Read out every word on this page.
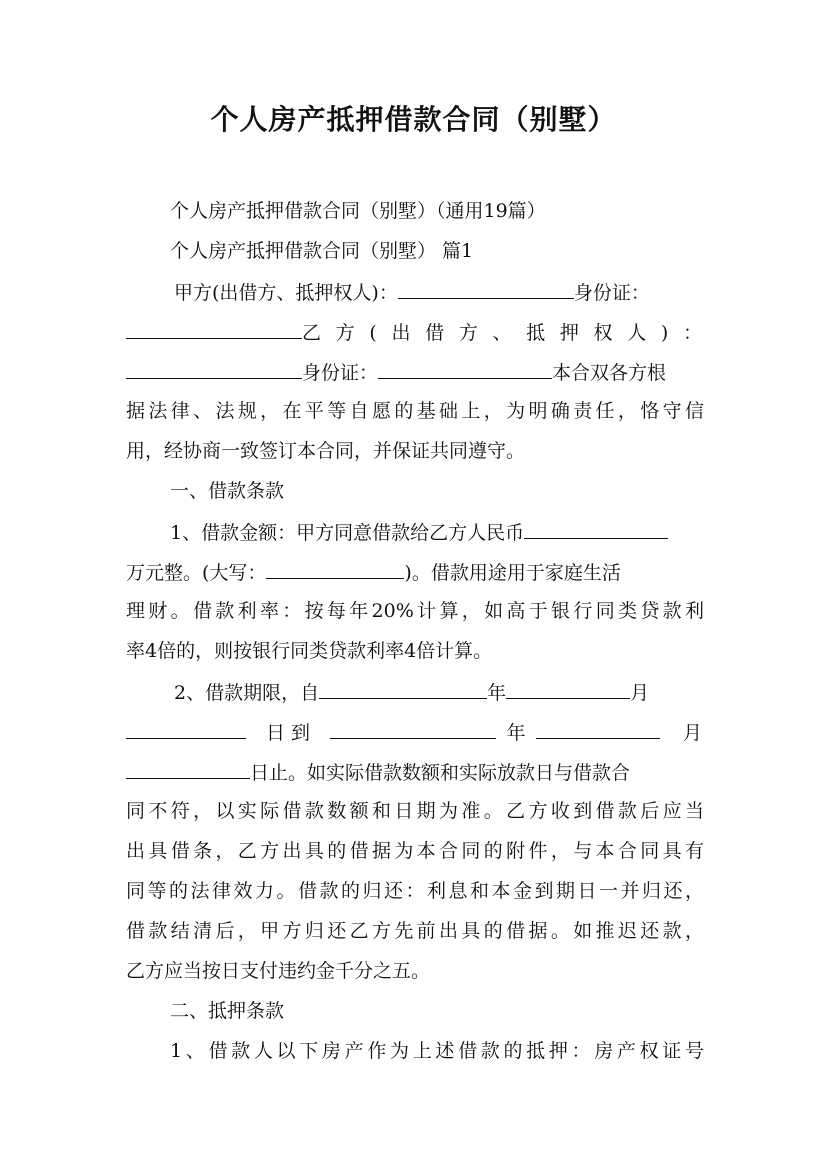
个人房产抵押借款合同（别墅）
个人房产抵押借款合同（别墅）（通用19篇）
个人房产抵押借款合同（别墅） 篇1
甲方(出借方、抵押权人)：	身份证：
乙方(出借方、抵押权人)：
身份证：	本合双各方根
据法律、法规，在平等自愿的基础上，为明确责任，恪守信
用，经协商一致签订本合同，并保证共同遵守。
一、借款条款
1、借款金额：甲方同意借款给乙方人民币
万元整。(大写：	)。借款用途用于家庭生活
理财。借款利率：按每年20%计算，如高于银行同类贷款利
率4倍的，则按银行同类贷款利率4倍计算。
2、借款期限，自	年	月
日 到	年	月
日止。如实际借款数额和实际放款日与借款合
同不符，以实际借款数额和日期为准。乙方收到借款后应当
出具借条，乙方出具的借据为本合同的附件，与本合同具有
同等的法律效力。借款的归还：利息和本金到期日一并归还，
借款结清后，甲方归还乙方先前出具的借据。如推迟还款，
乙方应当按日支付违约金千分之五。
二、抵押条款
1、借款人以下房产作为上述借款的抵押：房产权证号
